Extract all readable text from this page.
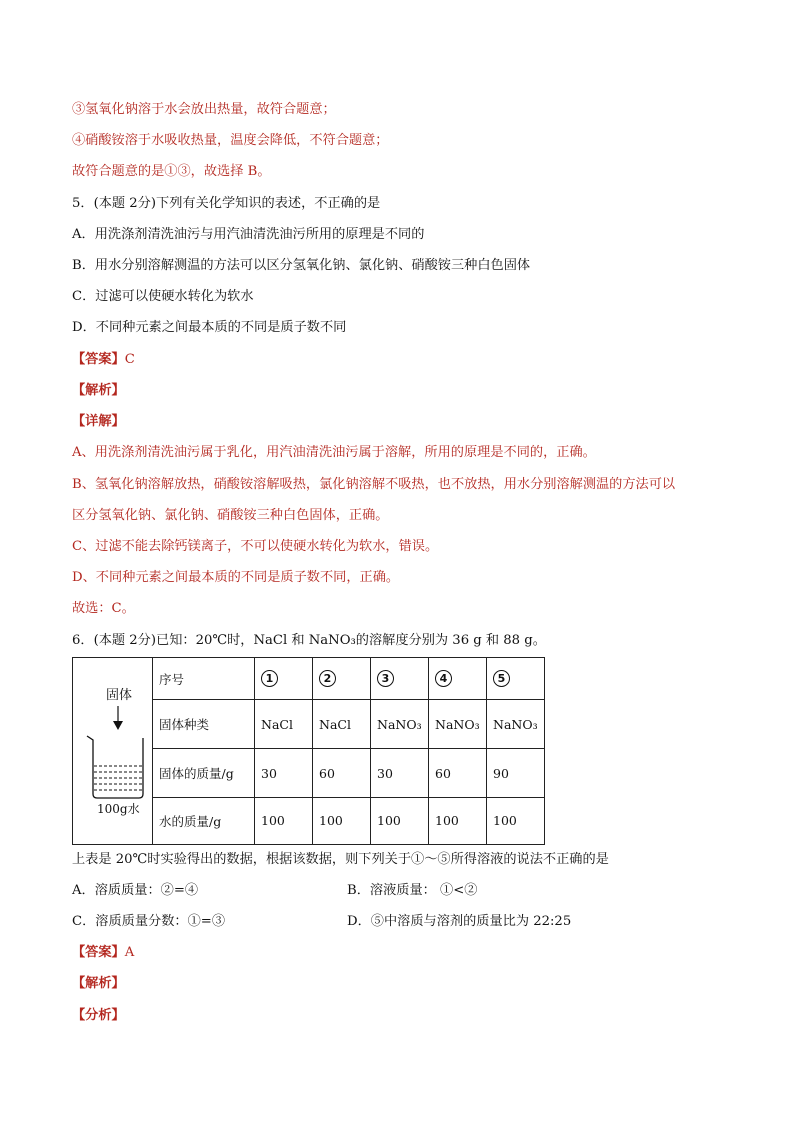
③氢氧化钠溶于水会放出热量，故符合题意；
④硝酸铵溶于水吸收热量，温度会降低，不符合题意；
故符合题意的是①③，故选择 B。
5．(本题 2分)下列有关化学知识的表述，不正确的是
A．用洗涤剂清洗油污与用汽油清洗油污所用的原理是不同的
B．用水分别溶解测温的方法可以区分氢氧化钠、氯化钠、硝酸铵三种白色固体
C．过滤可以使硬水转化为软水
D．不同种元素之间最本质的不同是质子数不同
【答案】C
【解析】
【详解】
A、用洗涤剂清洗油污属于乳化，用汽油清洗油污属于溶解，所用的原理是不同的，正确。
B、氢氧化钠溶解放热，硝酸铵溶解吸热，氯化钠溶解不吸热，也不放热，用水分别溶解测温的方法可以
区分氢氧化钠、氯化钠、硝酸铵三种白色固体，正确。
C、过滤不能去除钙镁离子，不可以使硬水转化为软水，错误。
D、不同种元素之间最本质的不同是质子数不同，正确。
故选：C。
6．(本题 2分)已知：20℃时，NaCl 和 NaNO₃的溶解度分别为 36 g 和 88 g。
固体
100g水	序号	1	2	3	4	5
	固体种类	NaCl	NaCl	NaNO₃	NaNO₃	NaNO₃
	固体的质量/g	30	60	30	60	90
	水的质量/g	100	100	100	100	100
上表是 20℃时实验得出的数据，根据该数据，则下列关于①～⑤所得溶液的说法不正确的是
A．溶质质量：②=④	B．溶液质量： ①<②
C．溶质质量分数：①=③	D．⑤中溶质与溶剂的质量比为 22:25
【答案】A
【解析】
【分析】
